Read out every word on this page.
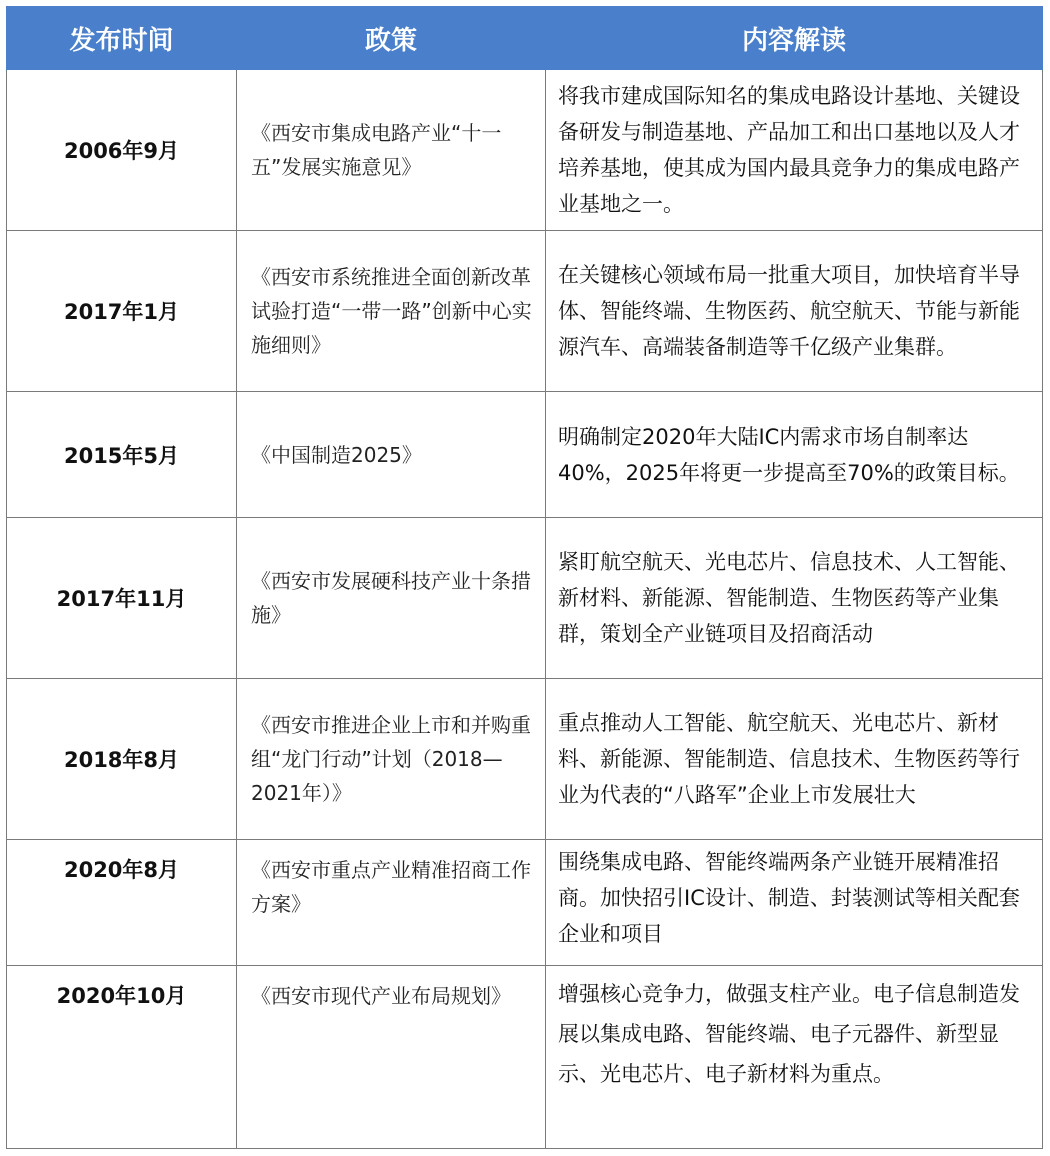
发布时间	政策	内容解读
2006年9月	《西安市集成电路产业“十一五”发展实施意见》	将我市建成国际知名的集成电路设计基地、关键设备研发与制造基地、产品加工和出口基地以及人才培养基地，使其成为国内最具竞争力的集成电路产业基地之一。
2017年1月	《西安市系统推进全面创新改革试验打造“一带一路”创新中心实施细则》	在关键核心领域布局一批重大项目，加快培育半导体、智能终端、生物医药、航空航天、节能与新能源汽车、高端装备制造等千亿级产业集群。
2015年5月	《中国制造2025》	明确制定2020年大陆IC内需求市场自制率达40%，2025年将更一步提高至70%的政策目标。
2017年11月	《西安市发展硬科技产业十条措施》	紧盯航空航天、光电芯片、信息技术、人工智能、新材料、新能源、智能制造、生物医药等产业集群，策划全产业链项目及招商活动
2018年8月	《西安市推进企业上市和并购重组“龙门行动”计划（2018—2021年）》	重点推动人工智能、航空航天、光电芯片、新材料、新能源、智能制造、信息技术、生物医药等行业为代表的“八路军”企业上市发展壮大
2020年8月	《西安市重点产业精准招商工作方案》	围绕集成电路、智能终端两条产业链开展精准招商。加快招引IC设计、制造、封装测试等相关配套企业和项目
2020年10月	《西安市现代产业布局规划》	增强核心竞争力，做强支柱产业。电子信息制造发展以集成电路、智能终端、电子元器件、新型显示、光电芯片、电子新材料为重点。
